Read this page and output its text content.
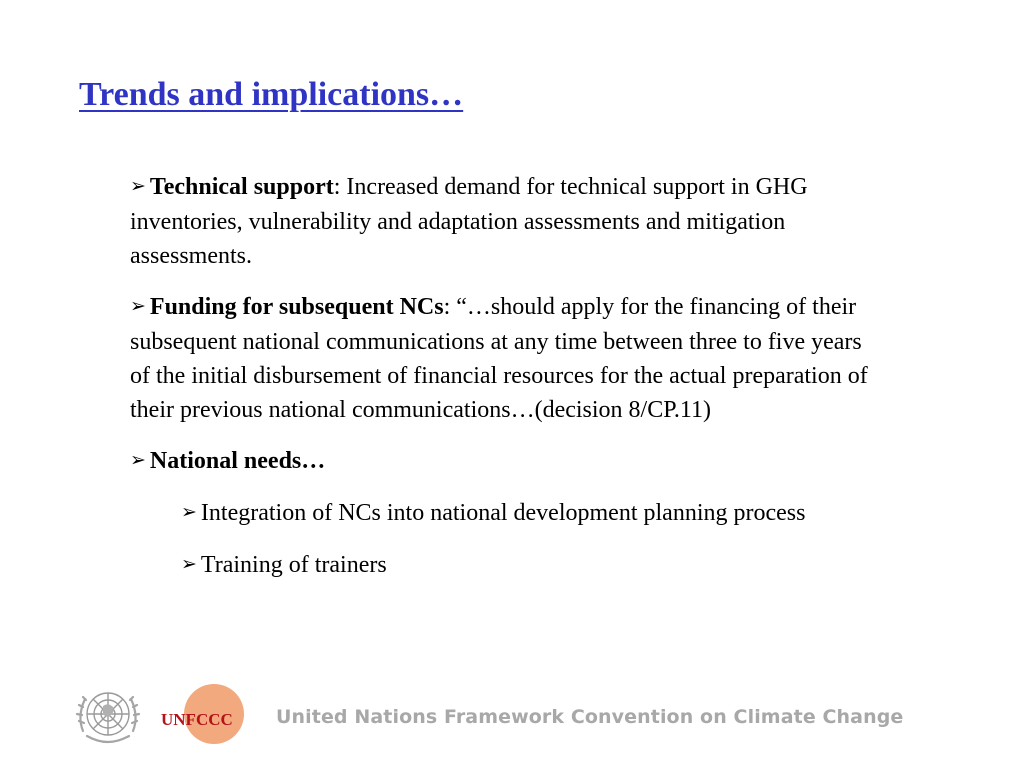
Trends and implications…
➢ Technical support: Increased demand for technical support in GHG inventories, vulnerability and adaptation assessments and mitigation assessments.
➢ Funding for subsequent NCs: “…should apply for the financing of their subsequent national communications at any time between three to five years of the initial disbursement of financial resources for the actual preparation of their previous national communications…(decision 8/CP.11)
➢ National needs…
➢ Integration of NCs into national development planning process
➢ Training of trainers
UNFCCC United Nations Framework Convention on Climate Change
